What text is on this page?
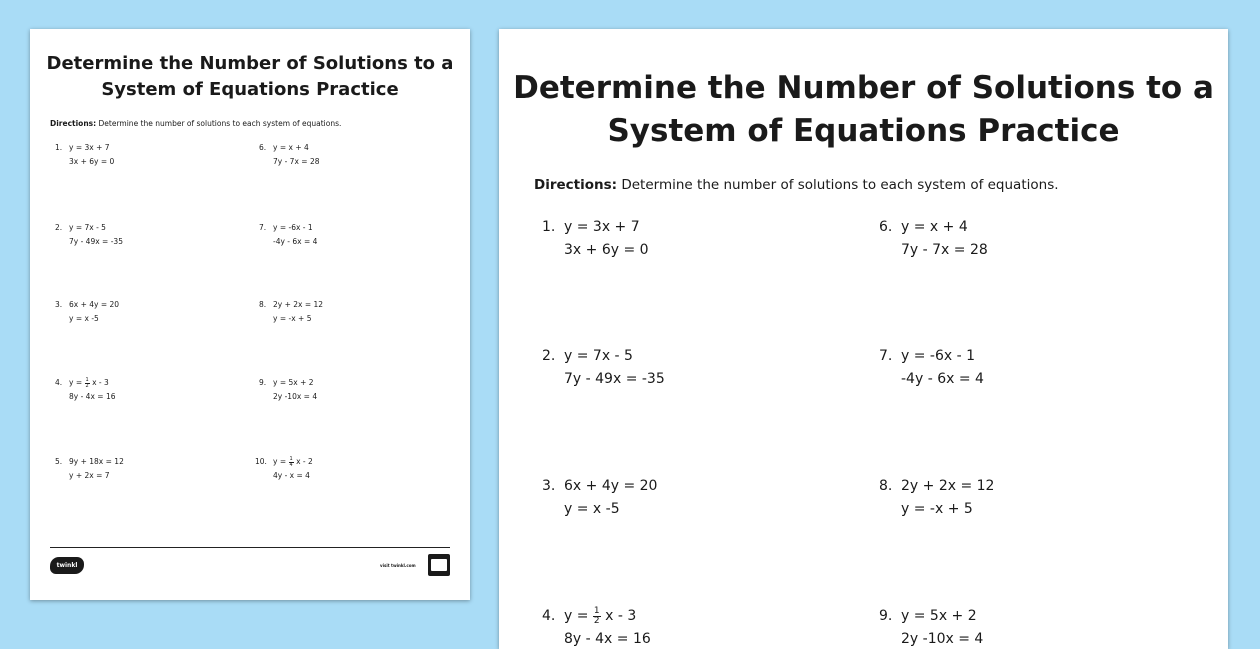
Determine the Number of Solutions to a
System of Equations Practice
Directions: Determine the number of solutions to each system of equations.
1. y = 3x + 7
3x + 6y = 0
2. y = 7x - 5
7y - 49x = -35
3. 6x + 4y = 20
y = x -5
4. $y = \frac{1}{2}$ x - 3
8y - 4x = 16
5. 9y + 18x = 12
y + 2x = 7
6. y = x + 4
7y - 7x = 28
7. y = -6x - 1
-4y - 6x = 4
8. 2y + 2x = 12
y = -x + 5
9. y = 5x + 2
2y -10x = 4
10. $y = \frac{1}{4}$ x - 2
4y - x = 4
twinkl	visit twinkl.com
Determine the Number of Solutions to a
System of Equations Practice
Directions: Determine the number of solutions to each system of equations.
1. y = 3x + 7
3x + 6y = 0
2. y = 7x - 5
7y - 49x = -35
3. 6x + 4y = 20
y = x -5
4. $y = \frac{1}{2}$ x - 3
8y - 4x = 16
6. y = x + 4
7y - 7x = 28
7. y = -6x - 1
-4y - 6x = 4
8. 2y + 2x = 12
y = -x + 5
9. y = 5x + 2
2y -10x = 4
